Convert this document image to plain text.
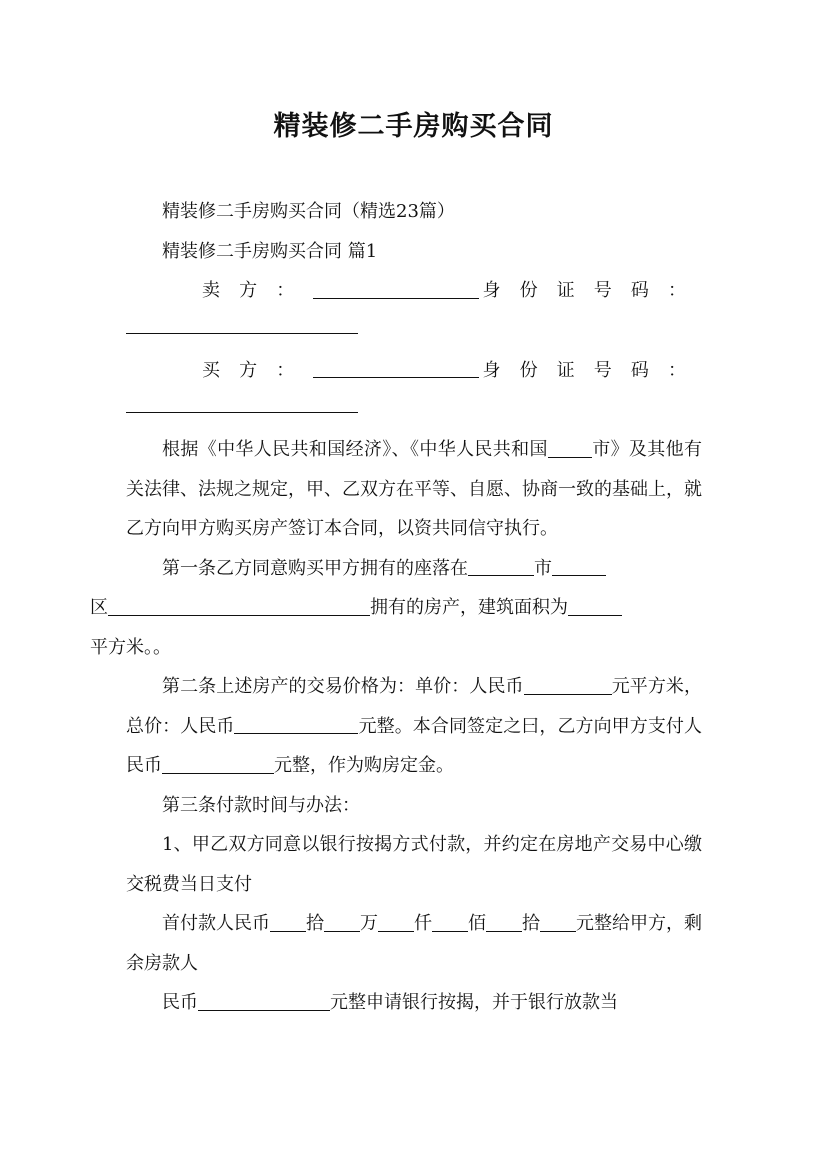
精装修二手房购买合同

精装修二手房购买合同（精选23篇）

精装修二手房购买合同 篇1

卖方：	身份证号码：

买方：	身份证号码：

根据《中华人民共和国经济》、《中华人民共和国 市》及其他有关法律、法规之规定，甲、乙双方在平等、自愿、协商一致的基础上，就乙方向甲方购买房产签订本合同，以资共同信守执行。

第一条乙方同意购买甲方拥有的座落在	市
区	拥有的房产，建筑面积为
平方米。。

第二条上述房产的交易价格为：单价：人民币	元平方米，总价：人民币	元整。本合同签定之曰，乙方向甲方支付人民币	元整，作为购房定金。

第三条付款时间与办法：

1、甲乙双方同意以银行按揭方式付款，并约定在房地产交易中心缴交税费当日支付

首付款人民币 拾 万 仟 佰 拾 元整给甲方，剩余房款人

民币	元整申请银行按揭，并于银行放款当
